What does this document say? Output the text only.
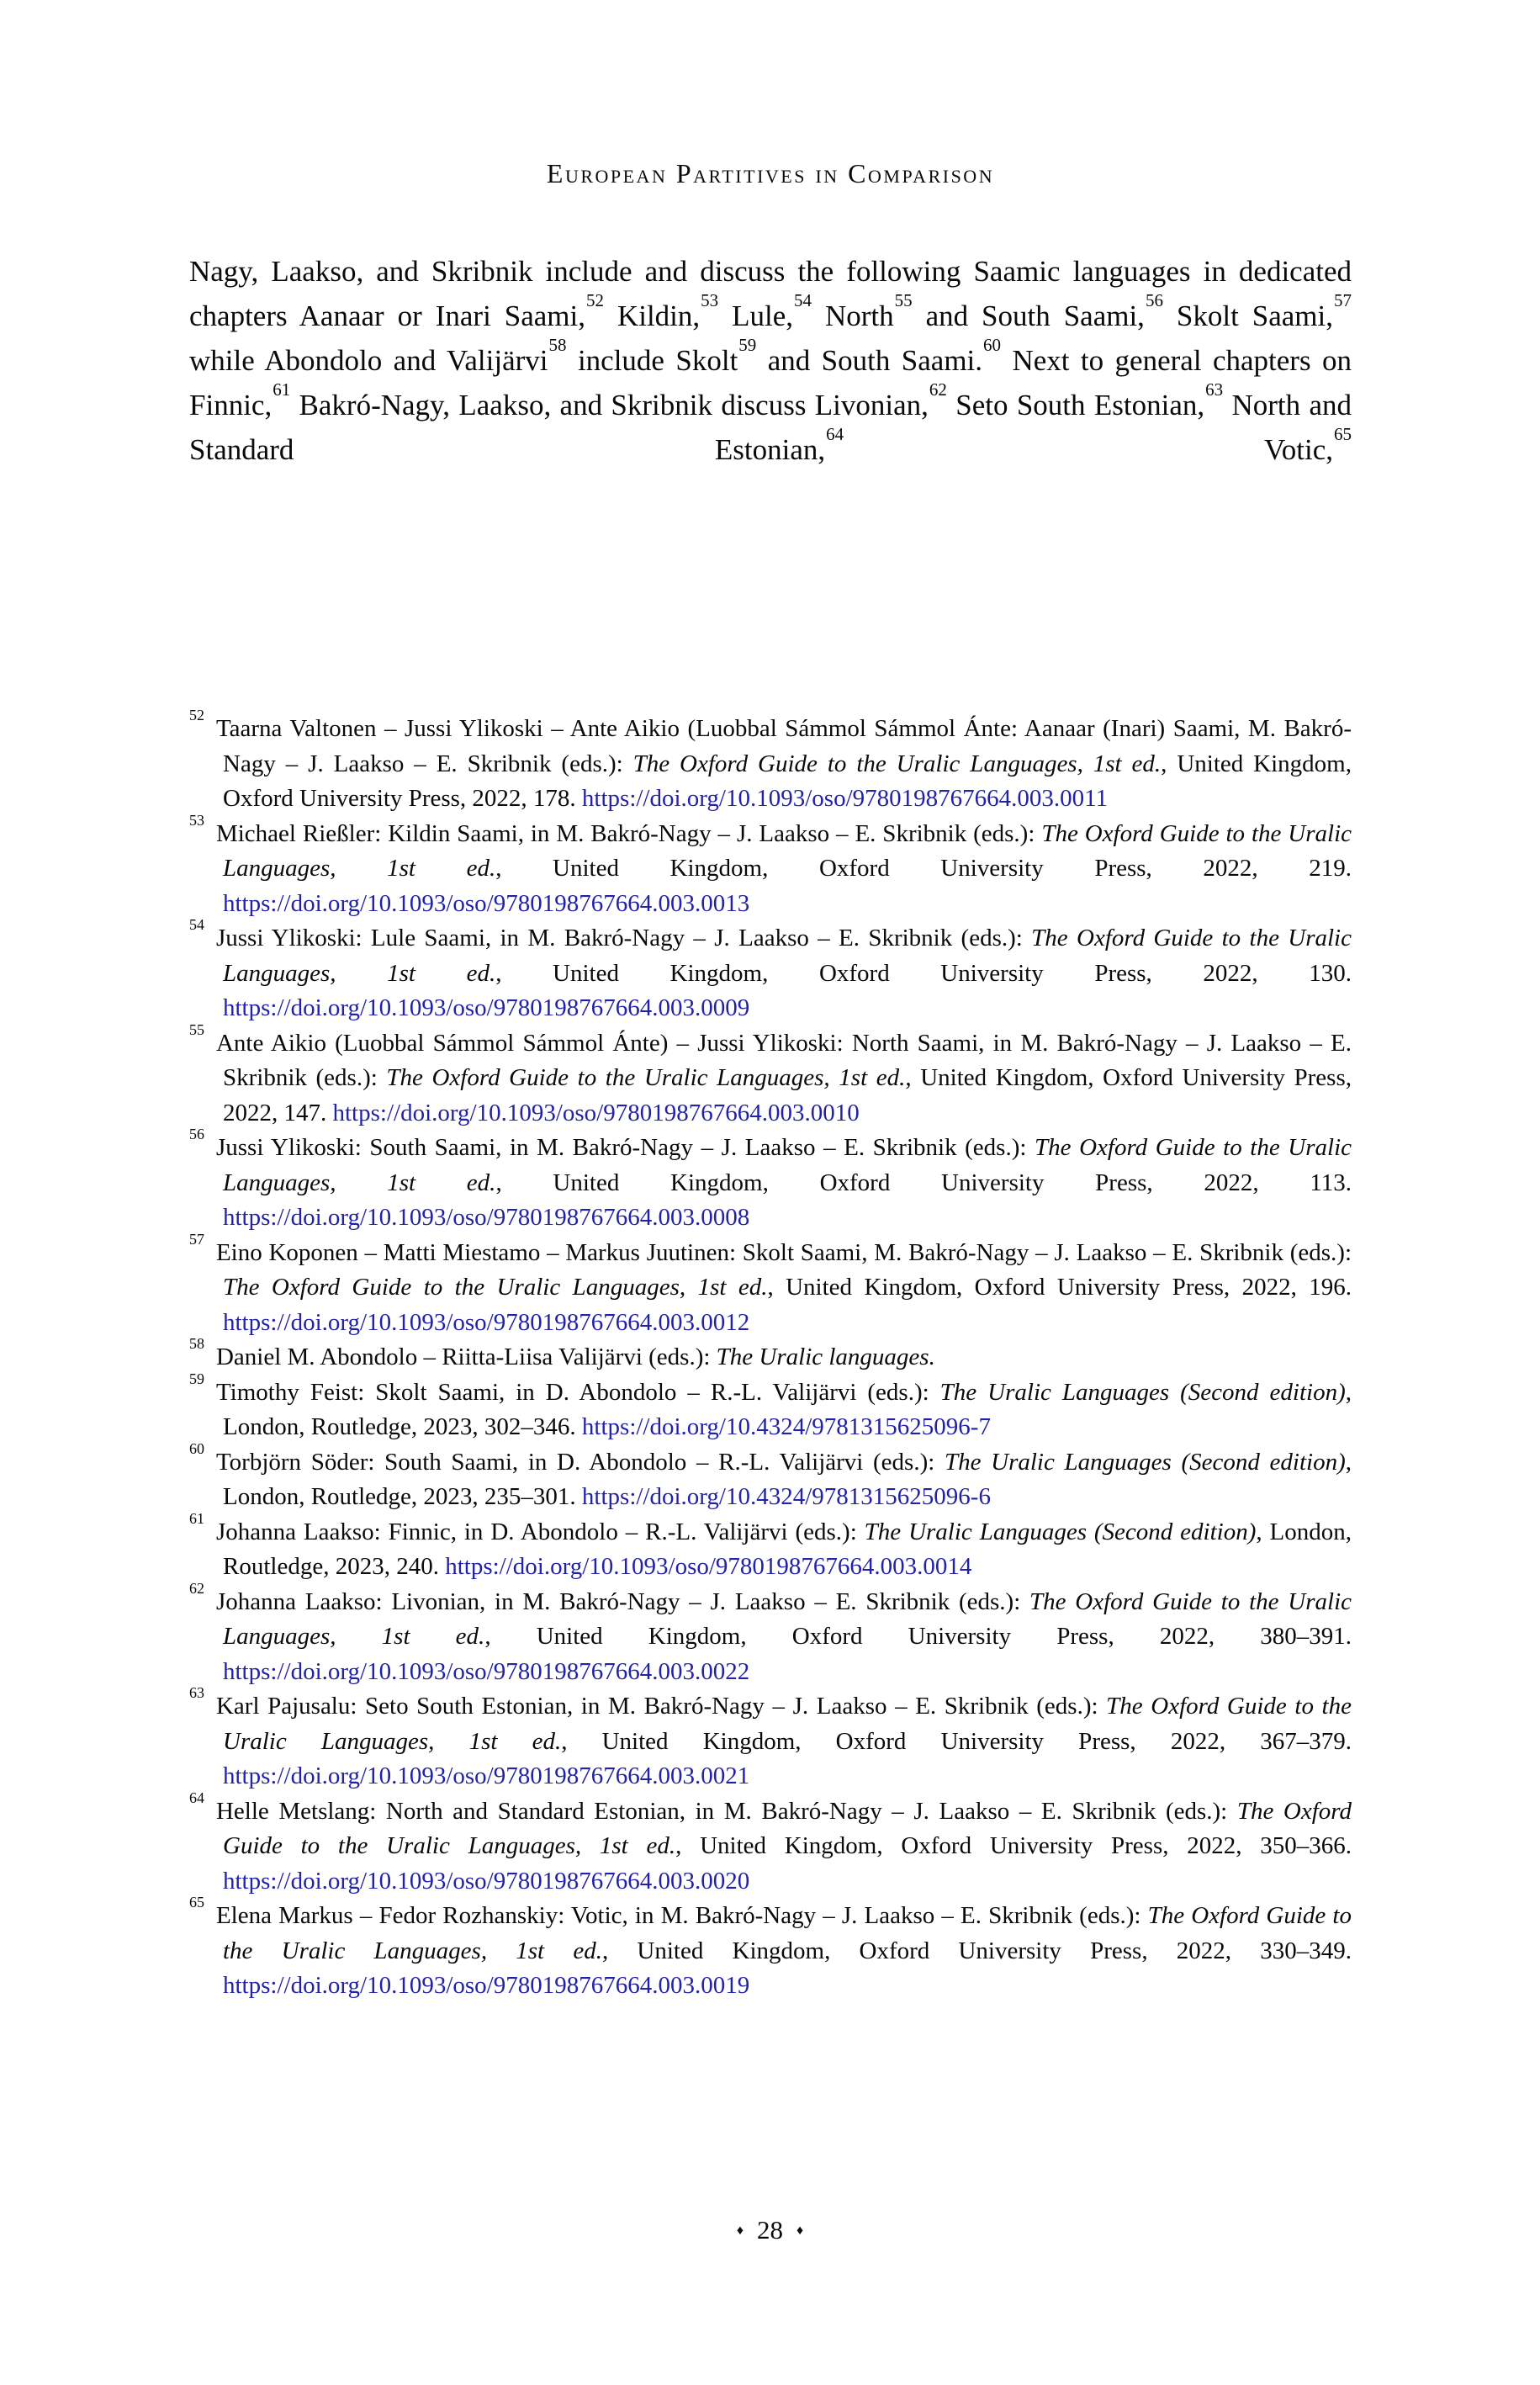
European Partitives in Comparison
Nagy, Laakso, and Skribnik include and discuss the following Saamic languages in dedicated chapters Aanaar or Inari Saami,$^{52}$ Kildin,$^{53}$ Lule,$^{54}$ North$^{55}$ and South Saami,$^{56}$ Skolt Saami,$^{57}$ while Abondolo and Valijärvi$^{58}$ include Skolt$^{59}$ and South Saami.$^{60}$ Next to general chapters on Finnic,$^{61}$ Bakró-Nagy, Laakso, and Skribnik discuss Livonian,$^{62}$ Seto South Estonian,$^{63}$ North and Standard Estonian,$^{64}$ Votic,$^{65}$
$^{52}$ Taarna Valtonen – Jussi Ylikoski – Ante Aikio (Luobbal Sámmol Sámmol Ánte: Aanaar (Inari) Saami, M. Bakró-Nagy – J. Laakso – E. Skribnik (eds.): The Oxford Guide to the Uralic Languages, 1st ed., United Kingdom, Oxford University Press, 2022, 178. https://doi.org/10.1093/oso/9780198767664.003.0011
$^{53}$ Michael Rießler: Kildin Saami, in M. Bakró-Nagy – J. Laakso – E. Skribnik (eds.): The Oxford Guide to the Uralic Languages, 1st ed., United Kingdom, Oxford University Press, 2022, 219. https://doi.org/10.1093/oso/9780198767664.003.0013
$^{54}$ Jussi Ylikoski: Lule Saami, in M. Bakró-Nagy – J. Laakso – E. Skribnik (eds.): The Oxford Guide to the Uralic Languages, 1st ed., United Kingdom, Oxford University Press, 2022, 130. https://doi.org/10.1093/oso/9780198767664.003.0009
$^{55}$ Ante Aikio (Luobbal Sámmol Sámmol Ánte) – Jussi Ylikoski: North Saami, in M. Bakró-Nagy – J. Laakso – E. Skribnik (eds.): The Oxford Guide to the Uralic Languages, 1st ed., United Kingdom, Oxford University Press, 2022, 147. https://doi.org/10.1093/oso/9780198767664.003.0010
$^{56}$ Jussi Ylikoski: South Saami, in M. Bakró-Nagy – J. Laakso – E. Skribnik (eds.): The Oxford Guide to the Uralic Languages, 1st ed., United Kingdom, Oxford University Press, 2022, 113. https://doi.org/10.1093/oso/9780198767664.003.0008
$^{57}$ Eino Koponen – Matti Miestamo – Markus Juutinen: Skolt Saami, M. Bakró-Nagy – J. Laakso – E. Skribnik (eds.): The Oxford Guide to the Uralic Languages, 1st ed., United Kingdom, Oxford University Press, 2022, 196. https://doi.org/10.1093/oso/9780198767664.003.0012
$^{58}$ Daniel M. Abondolo – Riitta-Liisa Valijärvi (eds.): The Uralic languages.
$^{59}$ Timothy Feist: Skolt Saami, in D. Abondolo – R.-L. Valijärvi (eds.): The Uralic Languages (Second edition), London, Routledge, 2023, 302–346. https://doi.org/10.4324/9781315625096-7
$^{60}$ Torbjörn Söder: South Saami, in D. Abondolo – R.-L. Valijärvi (eds.): The Uralic Languages (Second edition), London, Routledge, 2023, 235–301. https://doi.org/10.4324/9781315625096-6
$^{61}$ Johanna Laakso: Finnic, in D. Abondolo – R.-L. Valijärvi (eds.): The Uralic Languages (Second edition), London, Routledge, 2023, 240. https://doi.org/10.1093/oso/9780198767664.003.0014
$^{62}$ Johanna Laakso: Livonian, in M. Bakró-Nagy – J. Laakso – E. Skribnik (eds.): The Oxford Guide to the Uralic Languages, 1st ed., United Kingdom, Oxford University Press, 2022, 380–391. https://doi.org/10.1093/oso/9780198767664.003.0022
$^{63}$ Karl Pajusalu: Seto South Estonian, in M. Bakró-Nagy – J. Laakso – E. Skribnik (eds.): The Oxford Guide to the Uralic Languages, 1st ed., United Kingdom, Oxford University Press, 2022, 367–379. https://doi.org/10.1093/oso/9780198767664.003.0021
$^{64}$ Helle Metslang: North and Standard Estonian, in M. Bakró-Nagy – J. Laakso – E. Skribnik (eds.): The Oxford Guide to the Uralic Languages, 1st ed., United Kingdom, Oxford University Press, 2022, 350–366. https://doi.org/10.1093/oso/9780198767664.003.0020
$^{65}$ Elena Markus – Fedor Rozhanskiy: Votic, in M. Bakró-Nagy – J. Laakso – E. Skribnik (eds.): The Oxford Guide to the Uralic Languages, 1st ed., United Kingdom, Oxford University Press, 2022, 330–349. https://doi.org/10.1093/oso/9780198767664.003.0019
♦ 28 ♦
